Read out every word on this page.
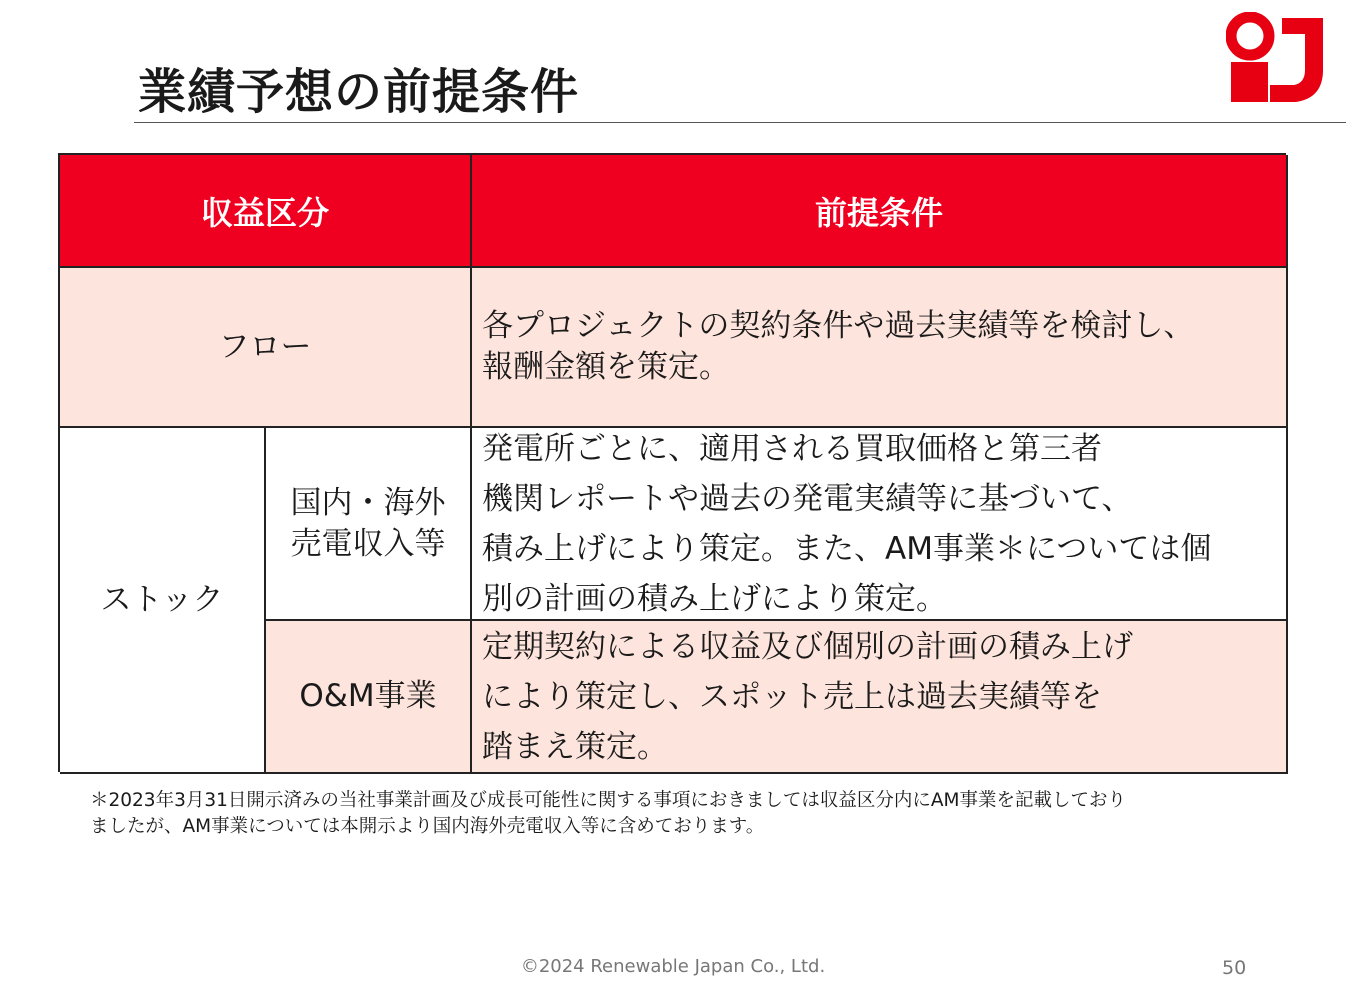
業績予想の前提条件
収益区分	前提条件
フロー
各プロジェクトの契約条件や過去実績等を検討し、
報酬金額を策定。
ストック
国内・海外
売電収入等
発電所ごとに、適用される買取価格と第三者
機関レポートや過去の発電実績等に基づいて、
積み上げにより策定。また、AM事業＊については個
別の計画の積み上げにより策定。
O&M事業
定期契約による収益及び個別の計画の積み上げ
により策定し、スポット売上は過去実績等を
踏まえ策定。
＊2023年3月31日開示済みの当社事業計画及び成長可能性に関する事項におきましては収益区分内にAM事業を記載しており
ましたが、AM事業については本開示より国内海外売電収入等に含めております。
©2024 Renewable Japan Co., Ltd.	50
